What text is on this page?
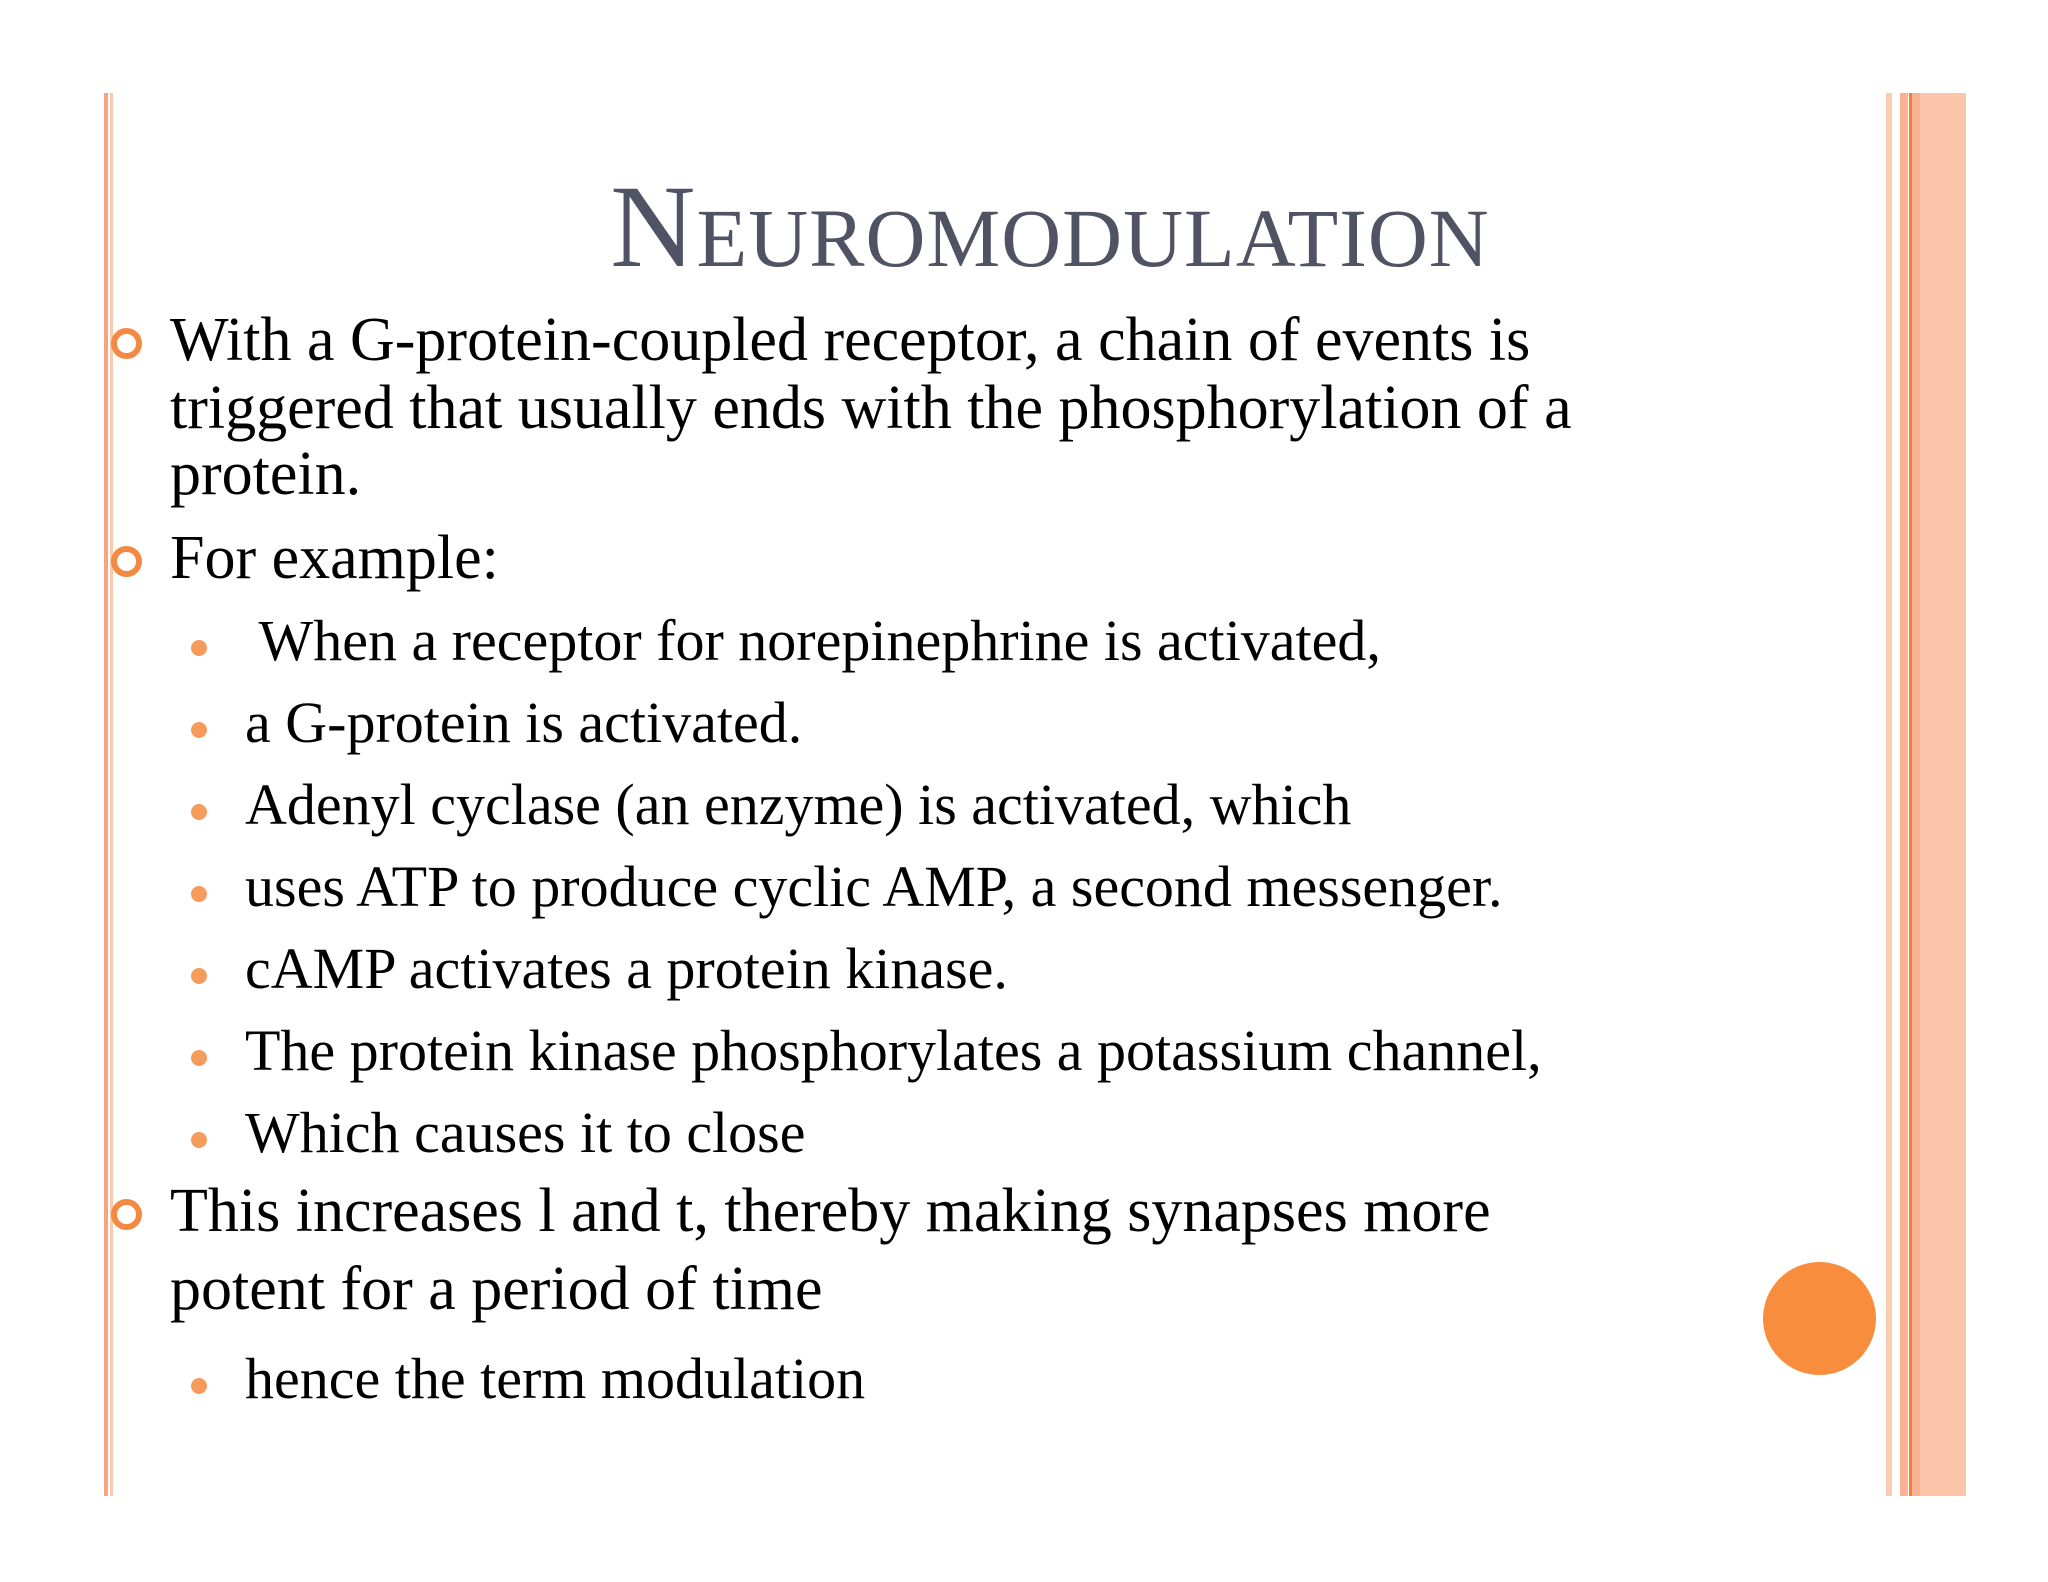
Neuromodulation
With a G-protein-coupled receptor, a chain of events is
triggered that usually ends with the phosphorylation of a
protein.
For example:
When a receptor for norepinephrine is activated,
a G-protein is activated.
Adenyl cyclase (an enzyme) is activated, which
uses ATP to produce cyclic AMP, a second messenger.
cAMP activates a protein kinase.
The protein kinase phosphorylates a potassium channel,
Which causes it to close
This increases l and t, thereby making synapses more
potent for a period of time
hence the term modulation
